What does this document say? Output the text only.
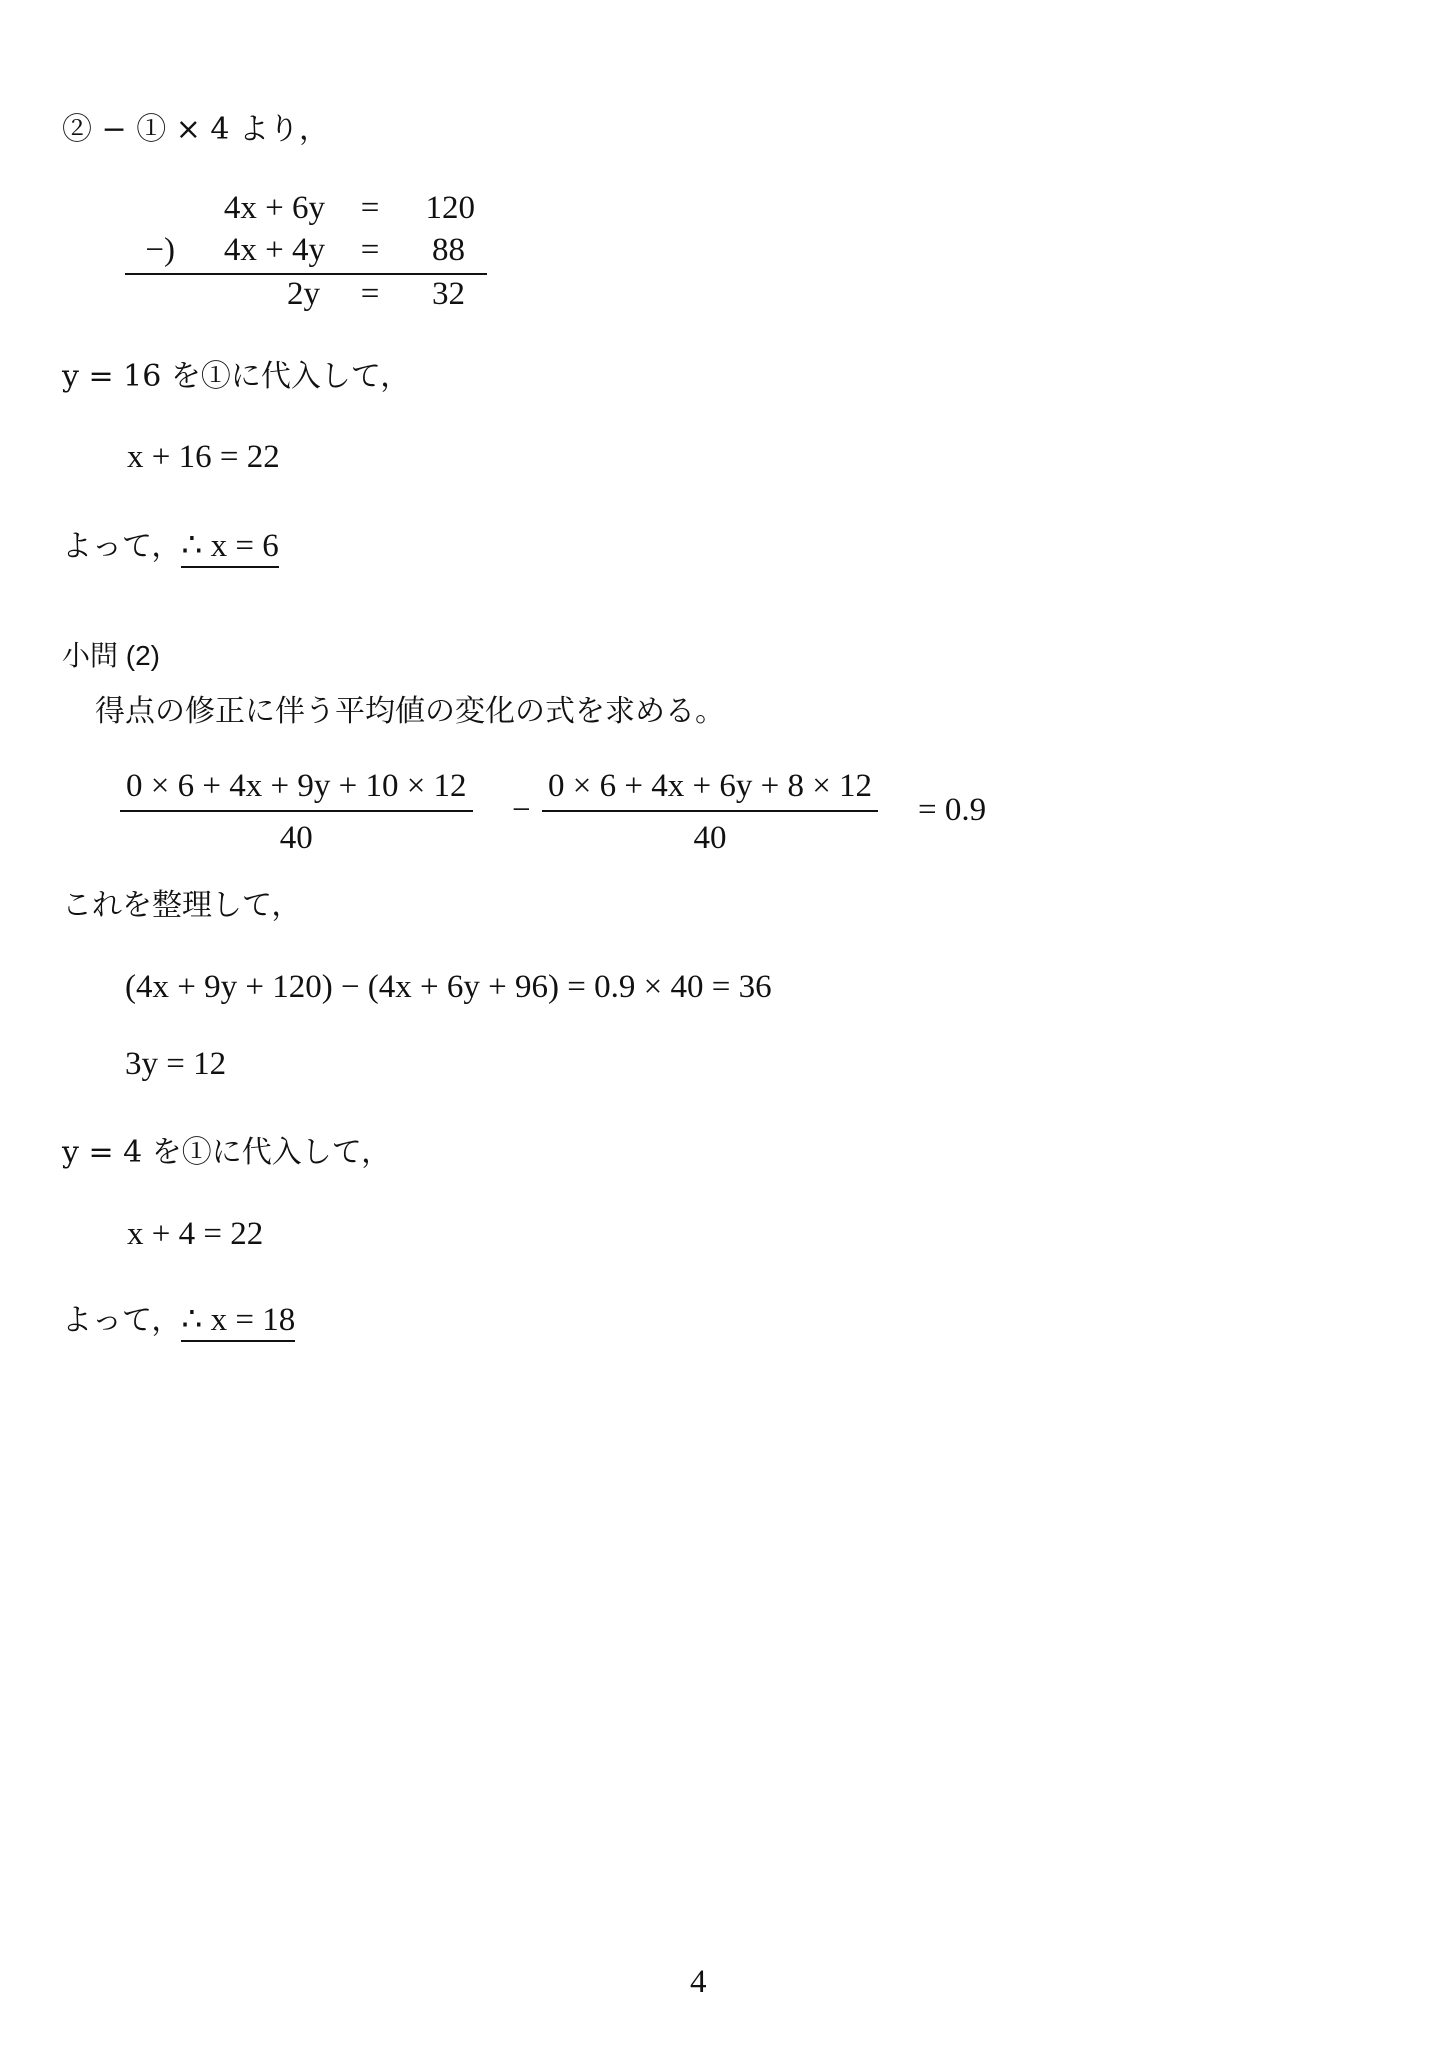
② − ① × 4 より，
4x + 6y	=	120
−)	4x + 4y	=	88
2y	=	32
y = 16 を①に代入して，
x + 16 = 22
よって，∴ x = 6
小問 (2)
得点の修正に伴う平均値の変化の式を求める。
$\frac{0 \times 6 + 4x + 9y + 10 \times 12}{40} - \frac{0 \times 6 + 4x + 6y + 8 \times 12}{40} = 0.9$
これを整理して，
(4x + 9y + 120) − (4x + 6y + 96) = 0.9 × 40 = 36
3y = 12
y = 4 を①に代入して，
x + 4 = 22
よって，∴ x = 18
4
